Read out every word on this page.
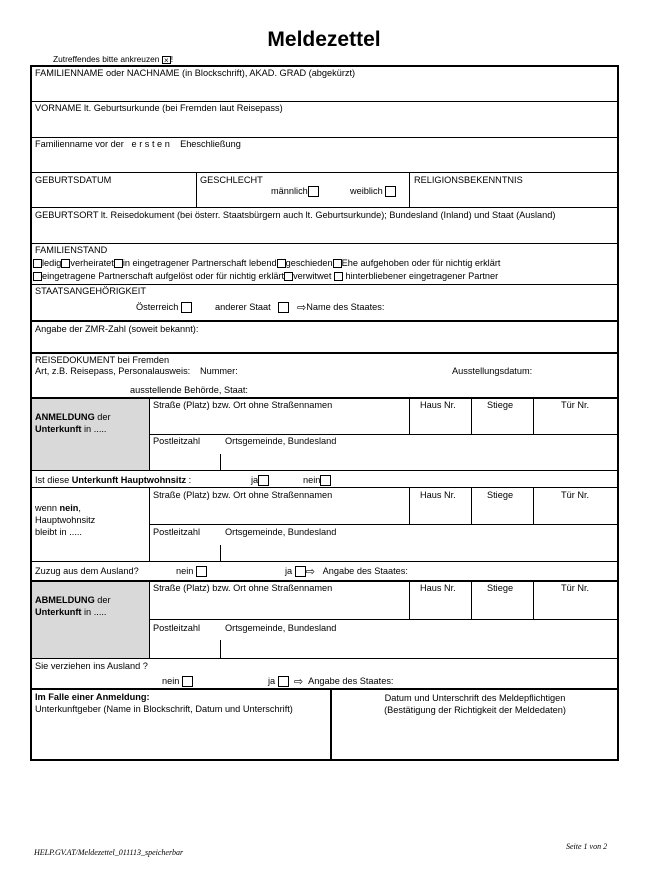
Meldezettel
Zutreffendes bitte ankreuzen × !
FAMILIENNAME oder NACHNAME (in Blockschrift), AKAD. GRAD (abgekürzt)
VORNAME lt. Geburtsurkunde (bei Fremden laut Reisepass)
Familienname vor der e r s t e n Eheschließung
GEBURTSDATUM	GESCHLECHT
männlich	weiblich
RELIGIONSBEKENNTNIS
GEBURTSORT lt. Reisedokument (bei österr. Staatsbürgern auch lt. Geburtsurkunde); Bundesland (Inland) und Staat (Ausland)
FAMILIENSTAND
ledig verheiratet in eingetragener Partnerschaft lebend geschieden Ehe aufgehoben oder für nichtig erklärt
eingetragene Partnerschaft aufgelöst oder für nichtig erklärt verwitwet hinterbliebener eingetragener Partner
STAATSANGEHÖRIGKEIT
Österreich	anderer Staat ⇨Name des Staates:
Angabe der ZMR-Zahl (soweit bekannt):
REISEDOKUMENT bei Fremden
Art, z.B. Reisepass, Personalausweis: Nummer:	Ausstellungsdatum:
ausstellende Behörde, Staat:
ANMELDUNG der
Unterkunft in .....
Straße (Platz) bzw. Ort ohne Straßennamen	Haus Nr.	Stiege	Tür Nr.
Postleitzahl	Ortsgemeinde, Bundesland
Ist diese Unterkunft Hauptwohnsitz :	ja	nein
wenn nein,
Hauptwohnsitz
bleibt in .....
Straße (Platz) bzw. Ort ohne Straßennamen	Haus Nr.	Stiege	Tür Nr.
Postleitzahl	Ortsgemeinde, Bundesland
Zuzug aus dem Ausland?	nein	ja ⇨ Angabe des Staates:
ABMELDUNG der
Unterkunft in .....
Straße (Platz) bzw. Ort ohne Straßennamen	Haus Nr.	Stiege	Tür Nr.
Postleitzahl	Ortsgemeinde, Bundesland
Sie verziehen ins Ausland ?
nein	ja ⇨ Angabe des Staates:
Im Falle einer Anmeldung:
Unterkunftgeber (Name in Blockschrift, Datum und Unterschrift)
Datum und Unterschrift des Meldepflichtigen
(Bestätigung der Richtigkeit der Meldedaten)
HELP.GV.AT/Meldezettel_011113_speicherbar
Seite 1 von 2
